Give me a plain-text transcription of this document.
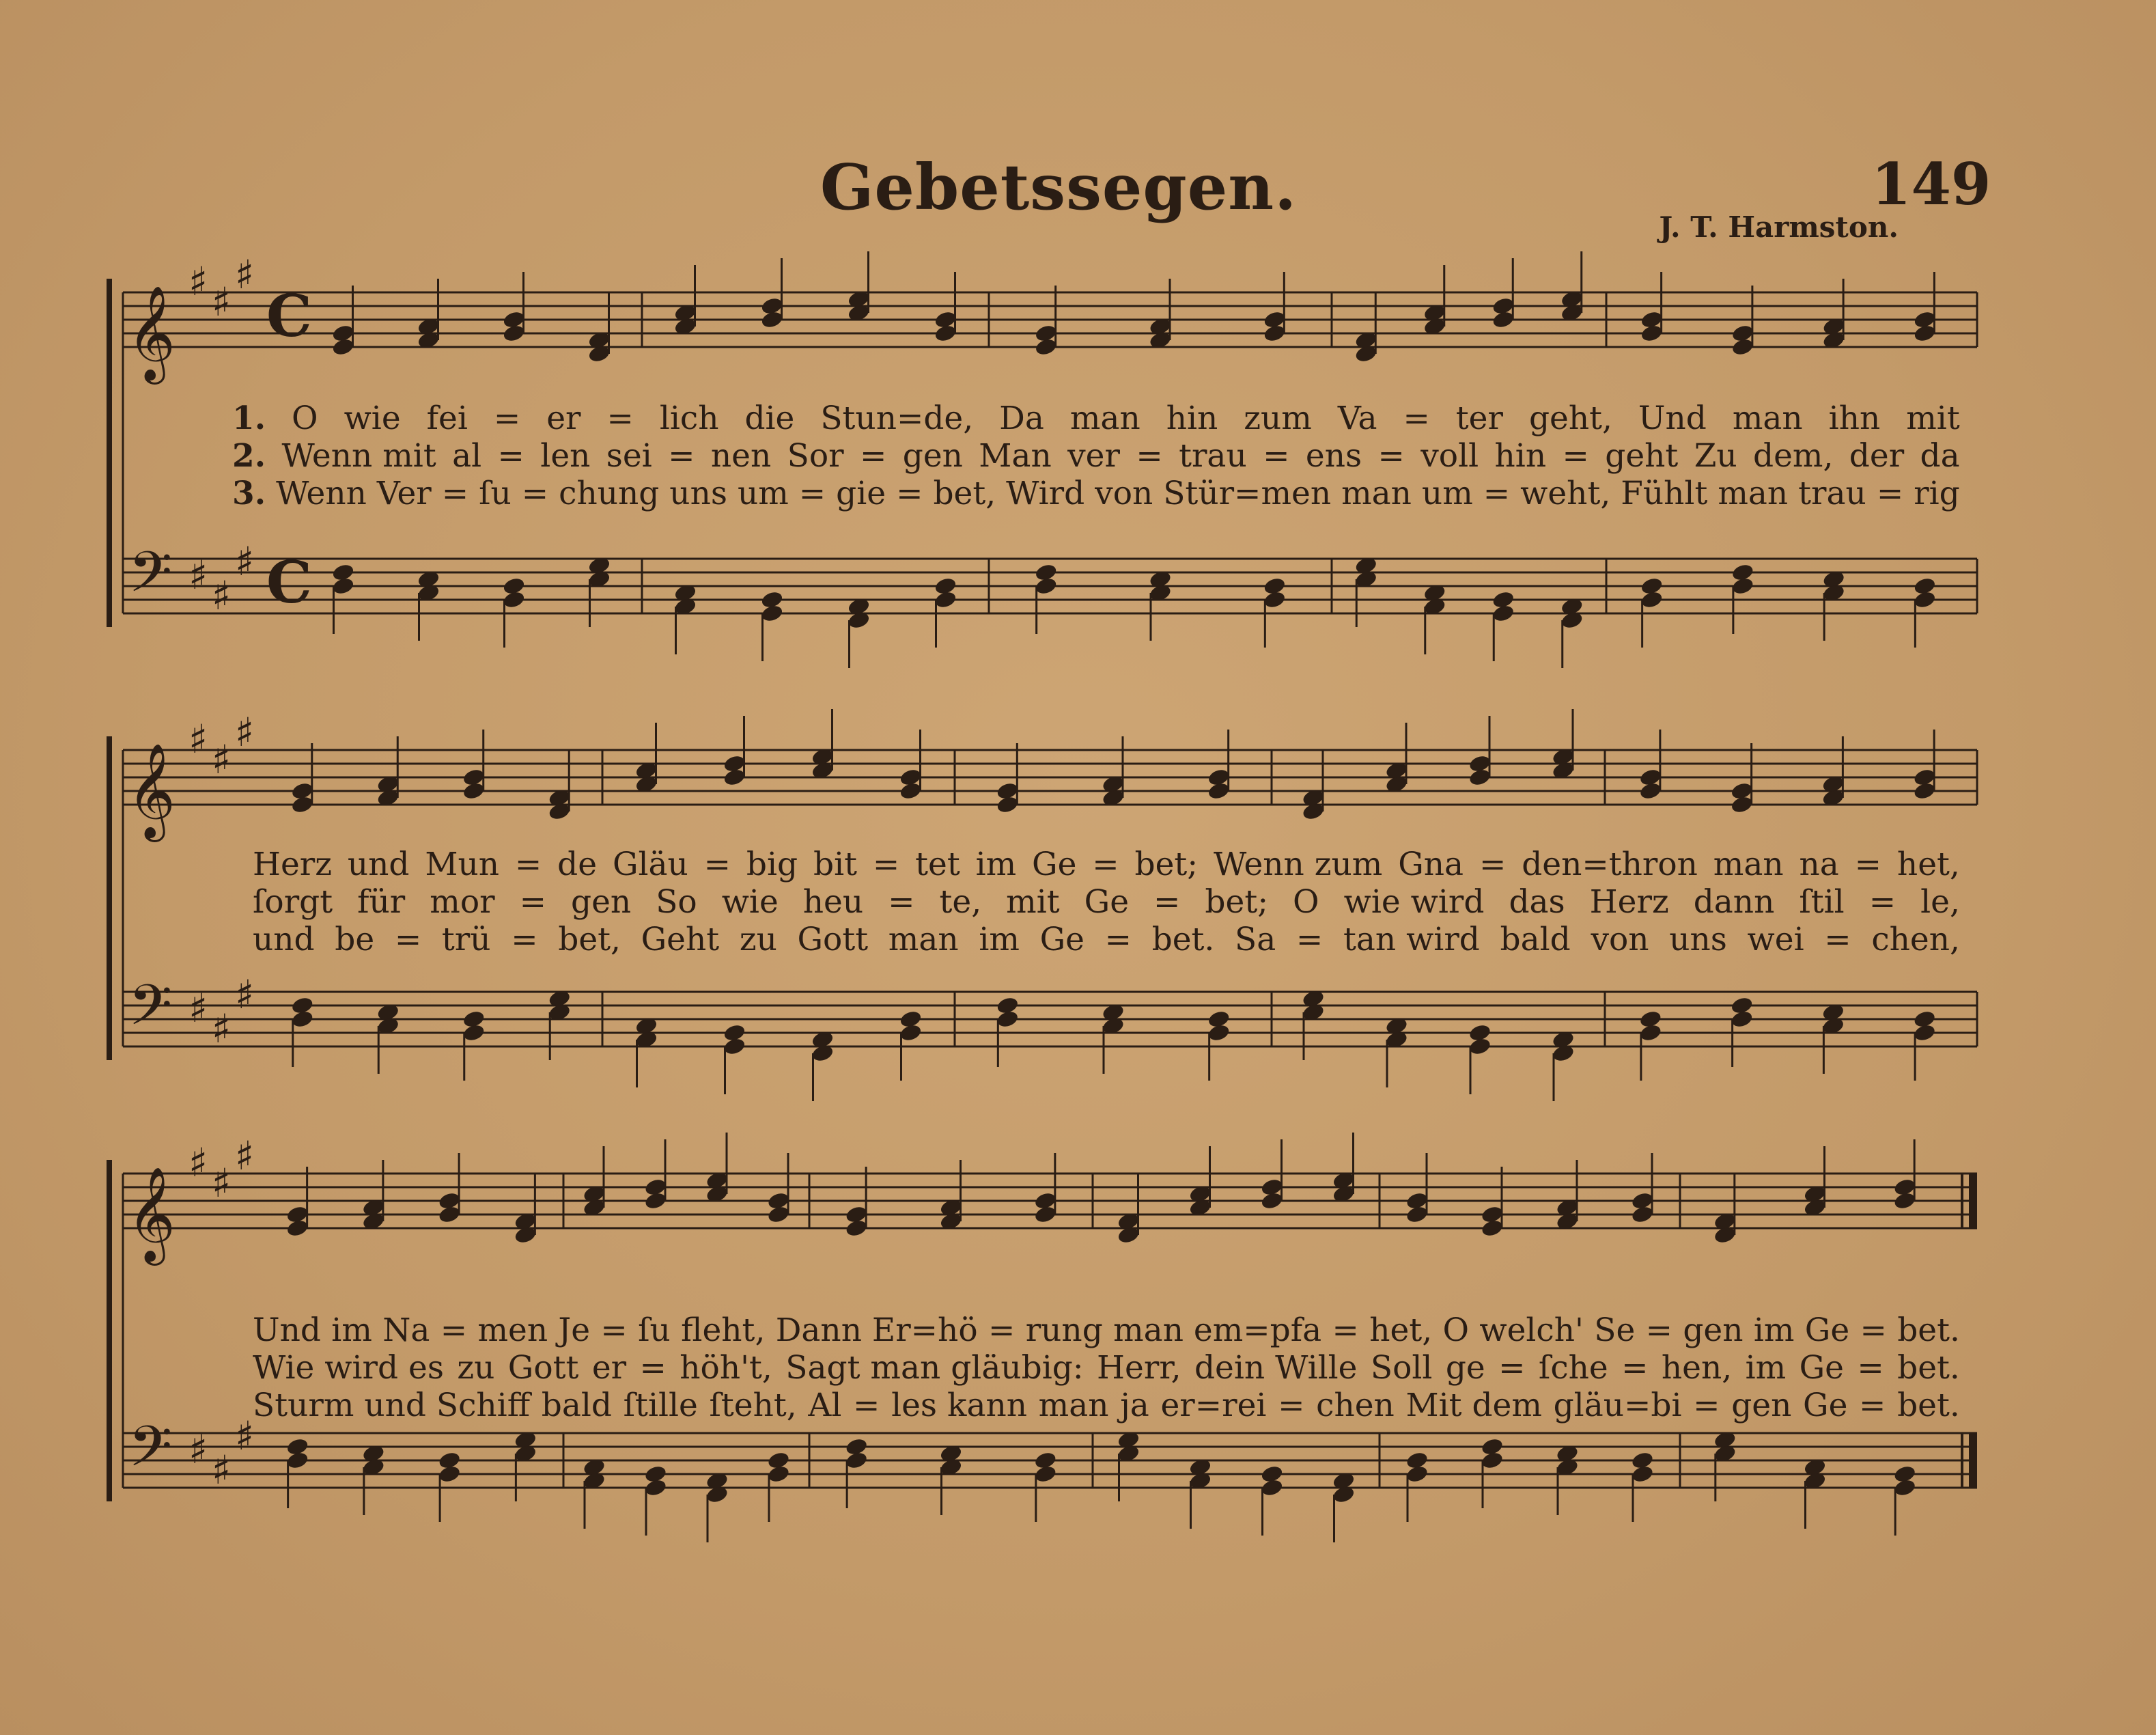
Gebetssegen.	149
J. T. Harmston.
𝄞
𝄢
♯ ♯
♯
♯ ♯
♯
C
C
𝄞
𝄢
♯ ♯
♯
♯ ♯
♯
𝄞
𝄢
♯ ♯
♯
♯ ♯
♯
1. O wie fei = er = lich die Stun=de, Da man hin zum Va = ter geht, Und man ihn mit
2. Wenn mit al = len sei = nen Sor = gen Man ver = trau = ens = voll hin = geht Zu dem, der da
3. Wenn Ver = ſu = chung uns um = gie = bet, Wird von Stür=men man um = weht, Fühlt man trau = rig
Herz und Mun = de Gläu = big bit = tet im Ge = bet; Wenn zum Gna = den=thron man na = het,
ſorgt für mor = gen So wie heu = te, mit Ge = bet; O wie wird das Herz dann ſtil = le,
und be = trü = bet, Geht zu Gott man im Ge = bet. Sa = tan wird bald von uns wei = chen,
Und im Na = men Je = ſu fleht, Dann Er=hö = rung man em=pfa = het, O welch' Se = gen im Ge = bet.
Wie wird es zu Gott er = höh't, Sagt man gläubig: Herr, dein Wille Soll ge = ſche = hen, im Ge = bet.
Sturm und Schiff bald ſtille ſteht, Al = les kann man ja er=rei = chen Mit dem gläu=bi = gen Ge = bet.
